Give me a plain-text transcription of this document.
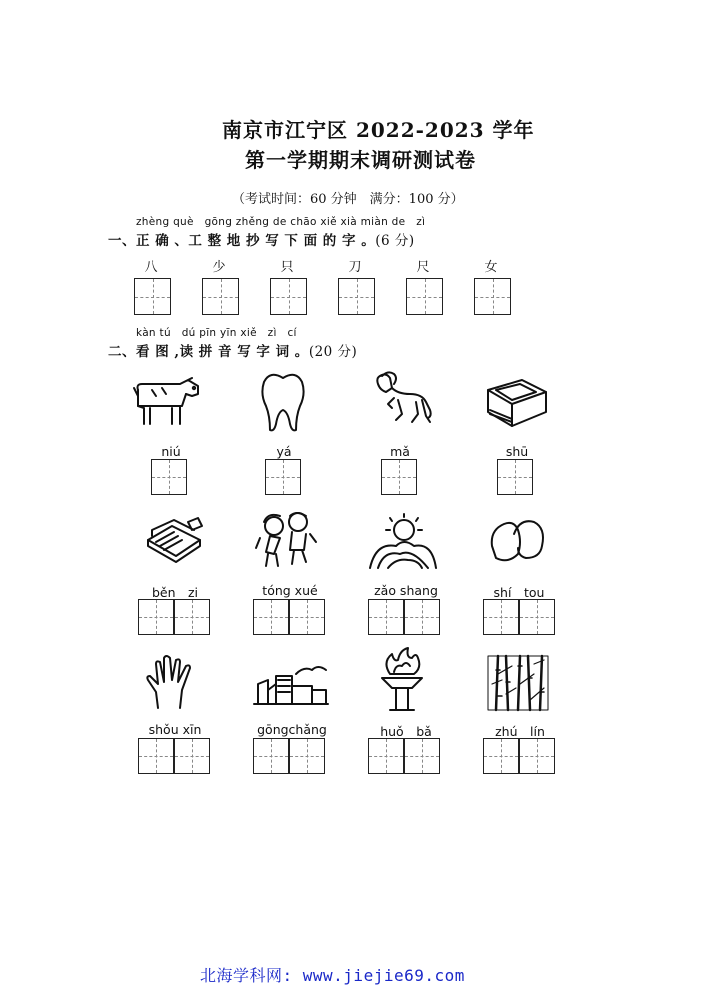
南京市江宁区 2022-2023 学年
第一学期期末调研测试卷
（考试时间：60 分钟　满分：100 分）
zhèng què　gōng zhěng de chāo xiě xià miàn de　zì
一、正 确 、工 整 地 抄 写 下 面 的 字 。(6 分)
八	少	只	刀	尺	女
kàn tú　dú pīn yīn xiě　zì　cí
二、看 图 ,读 拼 音 写 字 词 。(20 分)
niú	yá	mǎ	shū
běn　zi	tóng xué	zǎo shang	shí　tou
shǒu xīn	gōngchǎng	huǒ　bǎ	zhú　lín
北海学科网: www.jiejie69.com
